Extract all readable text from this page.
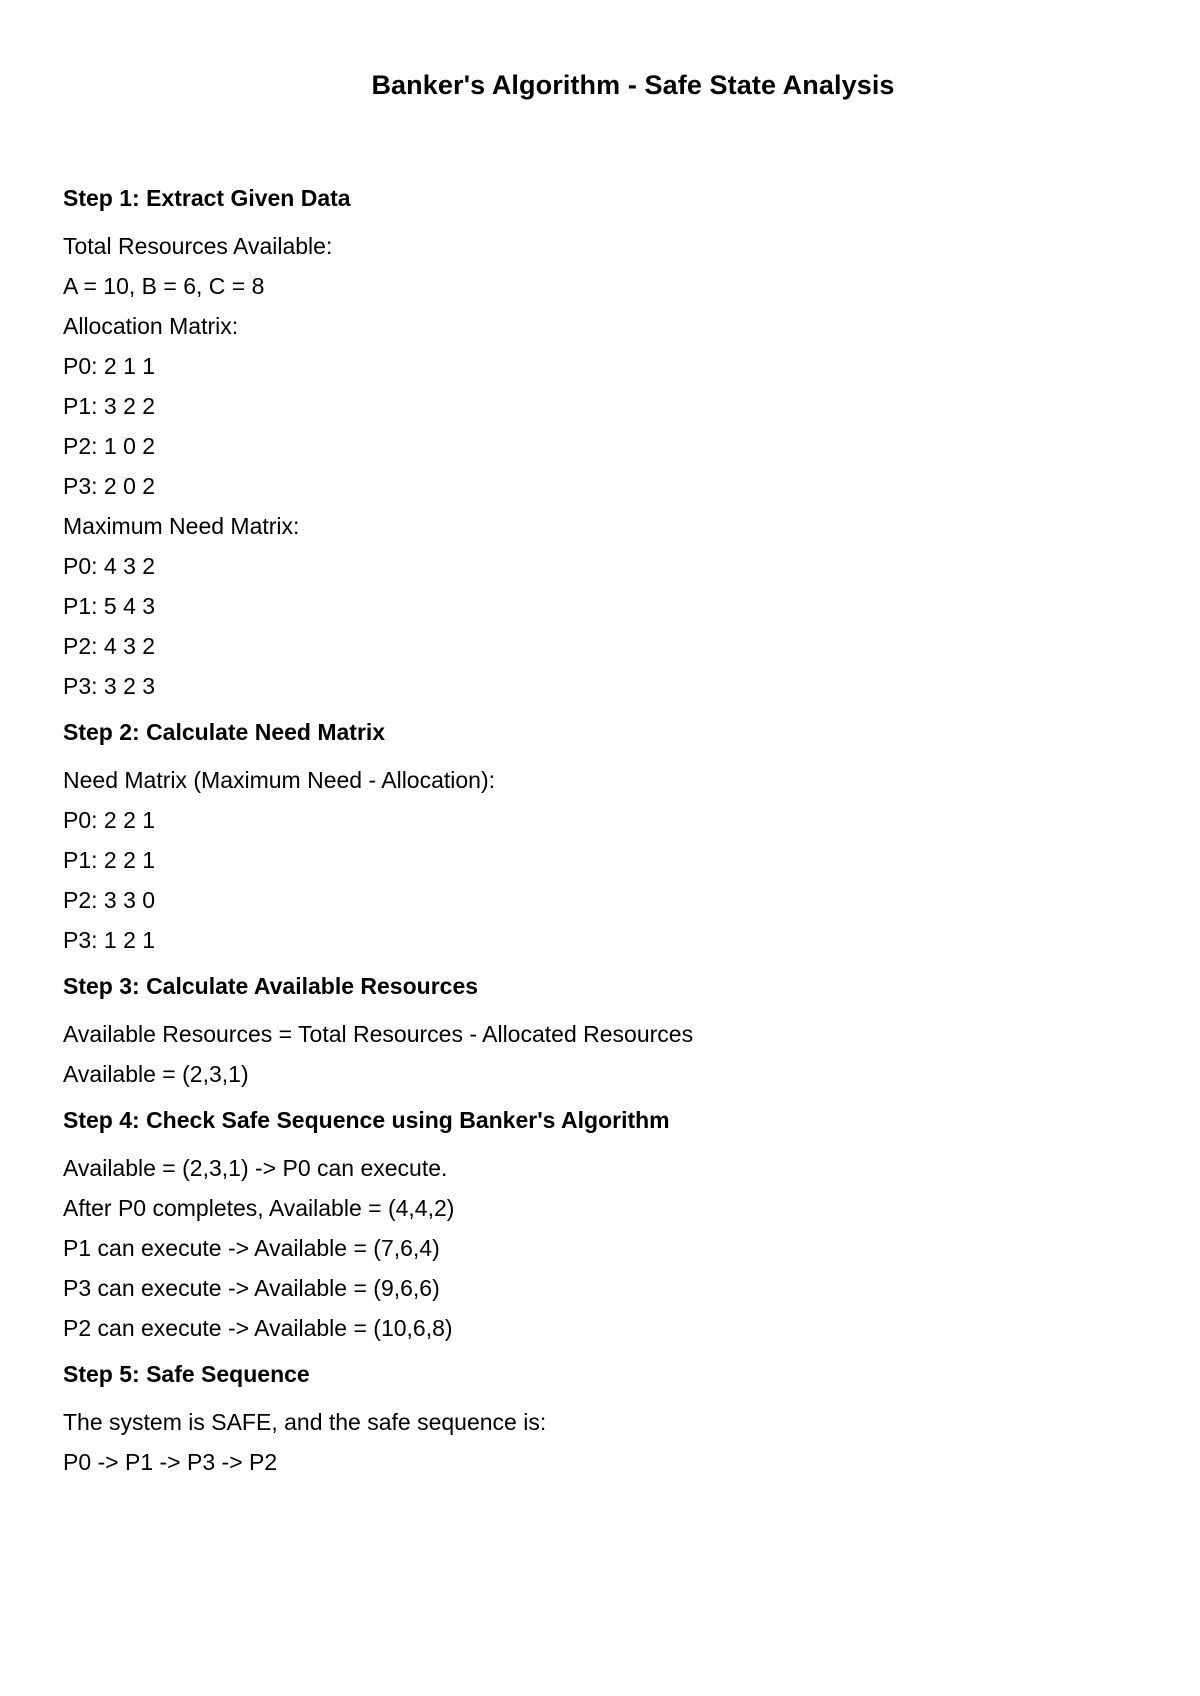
Banker's Algorithm - Safe State Analysis
Step 1: Extract Given Data
Total Resources Available:
A = 10, B = 6, C = 8
Allocation Matrix:
P0: 2 1 1
P1: 3 2 2
P2: 1 0 2
P3: 2 0 2
Maximum Need Matrix:
P0: 4 3 2
P1: 5 4 3
P2: 4 3 2
P3: 3 2 3
Step 2: Calculate Need Matrix
Need Matrix (Maximum Need - Allocation):
P0: 2 2 1
P1: 2 2 1
P2: 3 3 0
P3: 1 2 1
Step 3: Calculate Available Resources
Available Resources = Total Resources - Allocated Resources
Available = (2,3,1)
Step 4: Check Safe Sequence using Banker's Algorithm
Available = (2,3,1) -> P0 can execute.
After P0 completes, Available = (4,4,2)
P1 can execute -> Available = (7,6,4)
P3 can execute -> Available = (9,6,6)
P2 can execute -> Available = (10,6,8)
Step 5: Safe Sequence
The system is SAFE, and the safe sequence is:
P0 -> P1 -> P3 -> P2
